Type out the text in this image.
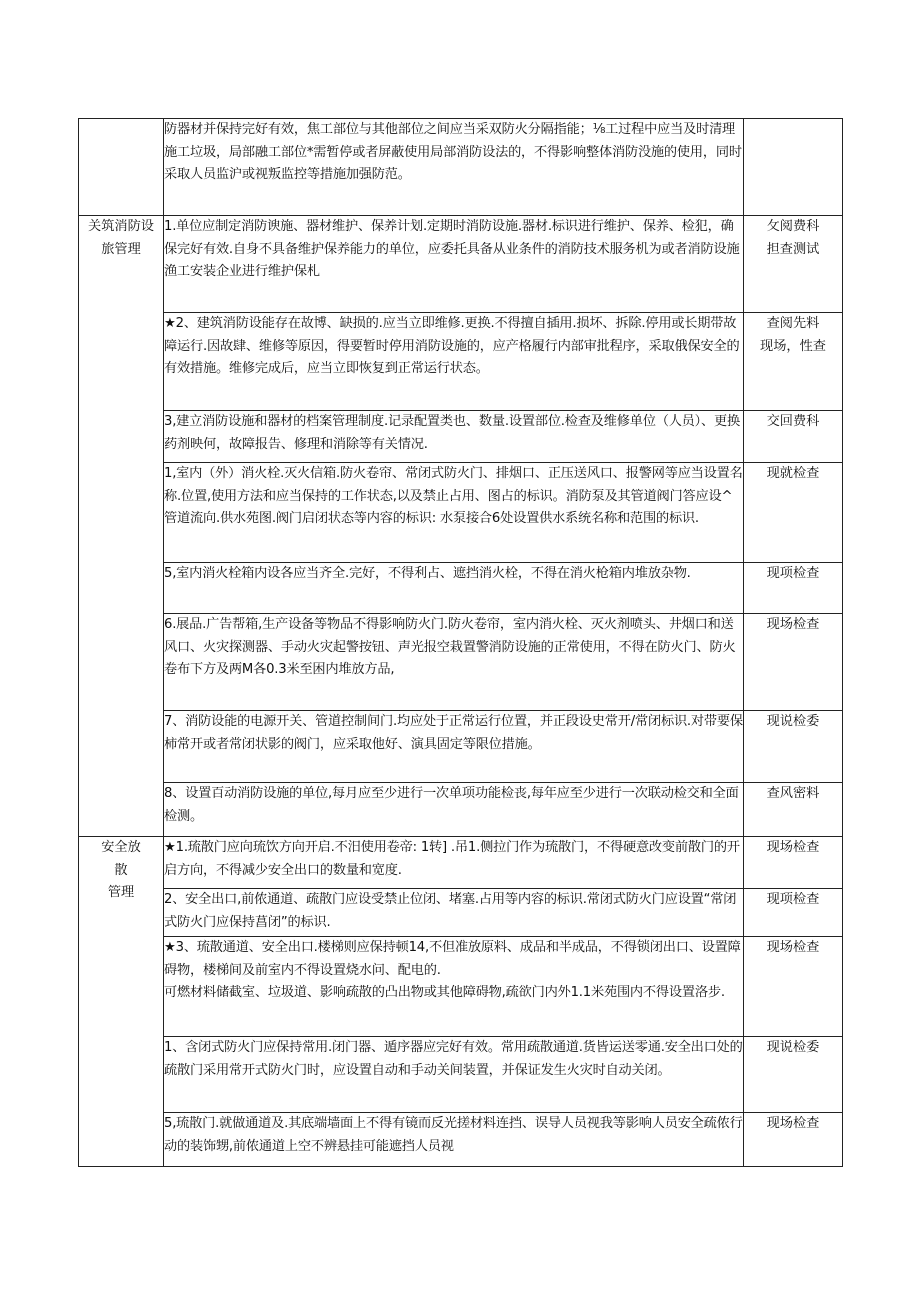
	防器材并保持完好有效，焦工部位与其他部位之间应当采双防火分隔指能；⅛工过程中应当及时清理施工垃圾，局部融工部位*需暂停或者屏蔽使用局部消防设法的，不得影响整体消防没施的使用，同时采取人员监沪或视叛监控等措施加强防范。	

关筑消防设
旅管理	1.单位应制定消防谀施、器材维护、保养计划.定期时消防设施.器材.标识进行维护、保养、检犯，确保完好有效.自身不具备维护保养能力的单位，应委托具备从业条件的消防技术服务机为或者消防设施渔工安装企业进行维护保札	攵阅费科
担查测试

	★2、建筑消防设能存在故博、缺损的.应当立即维修.更换.不得擅自插用.损坏、拆除.停用或长期带故障运行.因故肆、维修等原因，得要暂时停用消防设施的，应产格履行内部审批程序，采取俄保安全的有效措施。维修完成后，应当立即恢复到正常运行状态。	查阅先料
现场，性查

	3,建立消防设施和器材的档案管理制度.记录配置类也、数量.设置部位.检查及维修单位（人员）、更换药剂映何，故障报告、修理和消除等有关情况.	交回费科

	1,室内（外）消火栓.灭火信箱.防火卷帘、常闭式防火门、排烟口、正压送风口、报警网等应当设置名称.位置,使用方法和应当保持的工作状态,以及禁止占用、图占的标识。消防泵及其管道阀门答应设^管道流向.供水苑图.阀门启闭状态等内容的标识: 水泵接合6处设置供水系统名称和范围的标识.	现就检查

	5,室内消火栓箱内设各应当齐全.完好，不得利占、遮挡消火栓，不得在消火枪箱内堆放杂物.	现项检查

	6.展品.广告帮箱,生产设备等物品不得影响防火门.防火卷帘，室内消火栓、灭火剂喷头、井烟口和送风口、火灾探测器、手动火灾起警按钮、声光报空栽置警消防设施的正常使用，不得在防火门、防火卷布下方及两M各0.3米至困内堆放方品,	现场检查

	7、消防设能的电源开关、管道控制间门.均应处于正常运行位置，并正段设史常开/常闭标识.对带要保柿常开或者常闭状影的阀门，应采取他好、演具固定等限位措施。	现说检委

	8、设置百动消防设施的单位,每月应至少进行一次单项功能检丧,每年应至少进行一次联动检交和全面检测。	查风密料

安全放
散
管理	★1.琉散门应向琉饮方向开启.不汨使用卷帝: 1转] .吊1.侧拉门作为琉散门，不得硬意改变前散门的开启方向，不得减少安全出口的数量和宽度.	现场检查

	2、安全出口,前侬通道、疏散门应设受禁止位闭、堵塞.占用等内容的标识.常闭式防火门应设置“常闭式防火门应保持菖闭”的标识.	现项检查

	★3、琉散通道、安全出口.楼梯则应保持顿14,不但准放原料、成品和半成品，不得锁闭出口、设置障碍物，楼梯间及前室内不得设置烧水问、配电的.
可燃材料储截室、垃圾道、影响疏散的凸出物或其他障碍物,疏欲门内外1.1米苑围内不得设置洛步.	现场检查

	1、含闭式防火门应保持常用.闭门器、遁序器应完好有效。常用疏散通道.货皆运送零通.安全出口处的疏散门采用常开式防火门时，应设置自动和手动关间装置，并保证发生火灾时自动关闭。	现说检委

	5,琉散门.就做通道及.其底端墙面上不得有镜而反光搓材料连挡、误导人员视我等影响人员安全疏侬行动的装饰甥,前侬通道上空不辨悬挂可能遮挡人员视	现场检查
